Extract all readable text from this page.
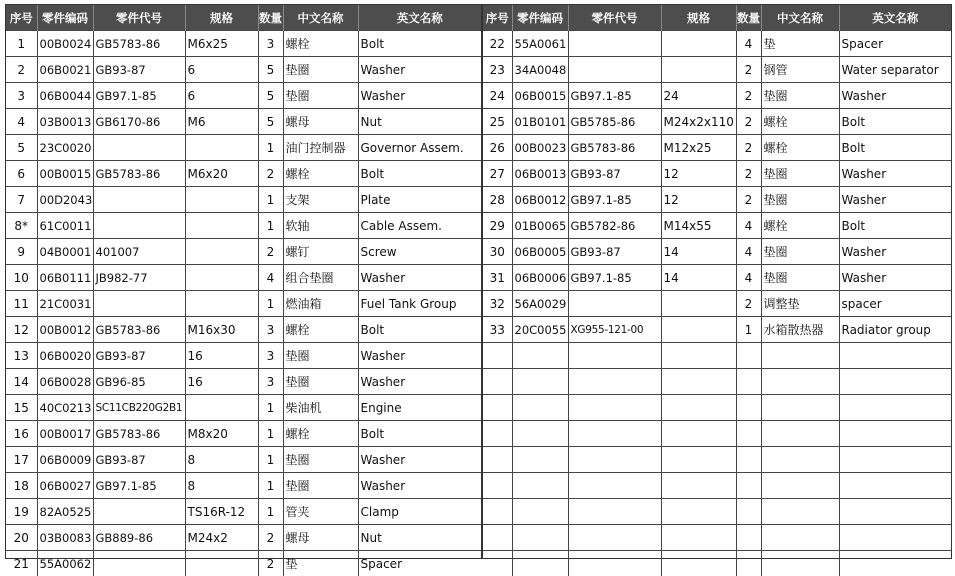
序号	零件编码	零件代号	规格	数量	中文名称	英文名称
1	00B0024	GB5783-86	M6x25	3	螺栓	Bolt
2	06B0021	GB93-87	6	5	垫圈	Washer
3	06B0044	GB97.1-85	6	5	垫圈	Washer
4	03B0013	GB6170-86	M6	5	螺母	Nut
5	23C0020			1	油门控制器	Governor Assem.
6	00B0015	GB5783-86	M6x20	2	螺栓	Bolt
7	00D2043			1	支架	Plate
8*	61C0011			1	软轴	Cable Assem.
9	04B0001	401007		2	螺钉	Screw
10	06B0111	JB982-77		4	组合垫圈	Washer
11	21C0031			1	燃油箱	Fuel Tank Group
12	00B0012	GB5783-86	M16x30	3	螺栓	Bolt
13	06B0020	GB93-87	16	3	垫圈	Washer
14	06B0028	GB96-85	16	3	垫圈	Washer
15	40C0213	SC11CB220G2B1		1	柴油机	Engine
16	00B0017	GB5783-86	M8x20	1	螺栓	Bolt
17	06B0009	GB93-87	8	1	垫圈	Washer
18	06B0027	GB97.1-85	8	1	垫圈	Washer
19	82A0525		TS16R-12	1	管夹	Clamp
20	03B0083	GB889-86	M24x2	2	螺母	Nut
21	55A0062			2	垫	Spacer
序号	零件编码	零件代号	规格	数量	中文名称	英文名称
22	55A0061			4	垫	Spacer
23	34A0048			2	钢管	Water separator
24	06B0015	GB97.1-85	24	2	垫圈	Washer
25	01B0101	GB5785-86	M24x2x110	2	螺栓	Bolt
26	00B0023	GB5783-86	M12x25	2	螺栓	Bolt
27	06B0013	GB93-87	12	2	垫圈	Washer
28	06B0012	GB97.1-85	12	2	垫圈	Washer
29	01B0065	GB5782-86	M14x55	4	螺栓	Bolt
30	06B0005	GB93-87	14	4	垫圈	Washer
31	06B0006	GB97.1-85	14	4	垫圈	Washer
32	56A0029			2	调整垫	spacer
33	20C0055	XG955-121-00		1	水箱散热器	Radiator group
